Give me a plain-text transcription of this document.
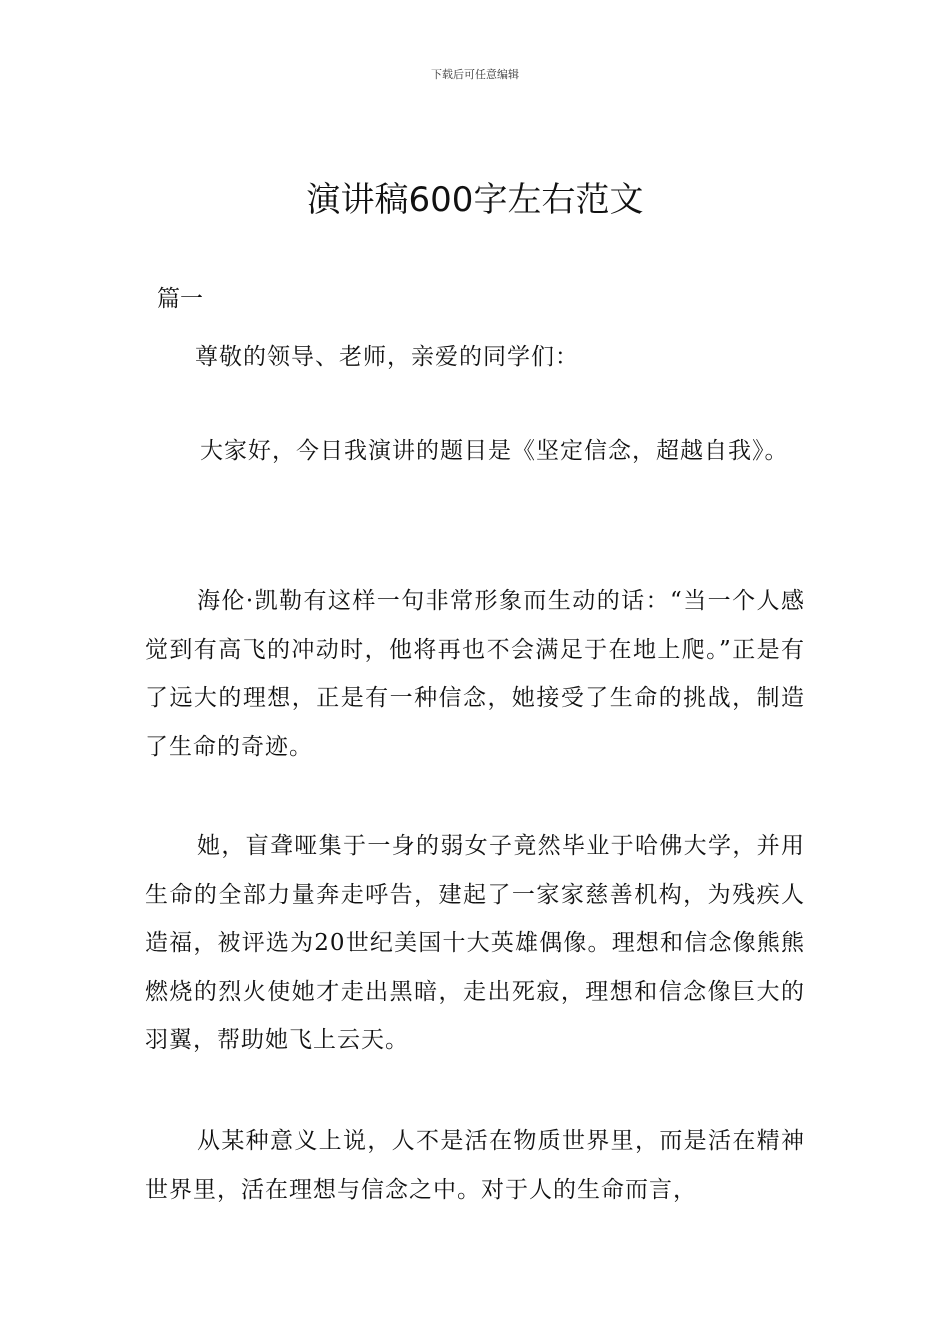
下载后可任意编辑
演讲稿600字左右范文
篇一
尊敬的领导、老师，亲爱的同学们：
大家好，今日我演讲的题目是《坚定信念，超越自我》。
海伦·凯勒有这样一句非常形象而生动的话：“当一个人感觉到有高飞的冲动时，他将再也不会满足于在地上爬。”正是有了远大的理想，正是有一种信念，她接受了生命的挑战，制造了生命的奇迹。
她，盲聋哑集于一身的弱女子竟然毕业于哈佛大学，并用生命的全部力量奔走呼告，建起了一家家慈善机构，为残疾人造福，被评选为20世纪美国十大英雄偶像。理想和信念像熊熊燃烧的烈火使她才走出黑暗，走出死寂，理想和信念像巨大的羽翼，帮助她飞上云天。
从某种意义上说，人不是活在物质世界里，而是活在精神世界里，活在理想与信念之中。对于人的生命而言，
